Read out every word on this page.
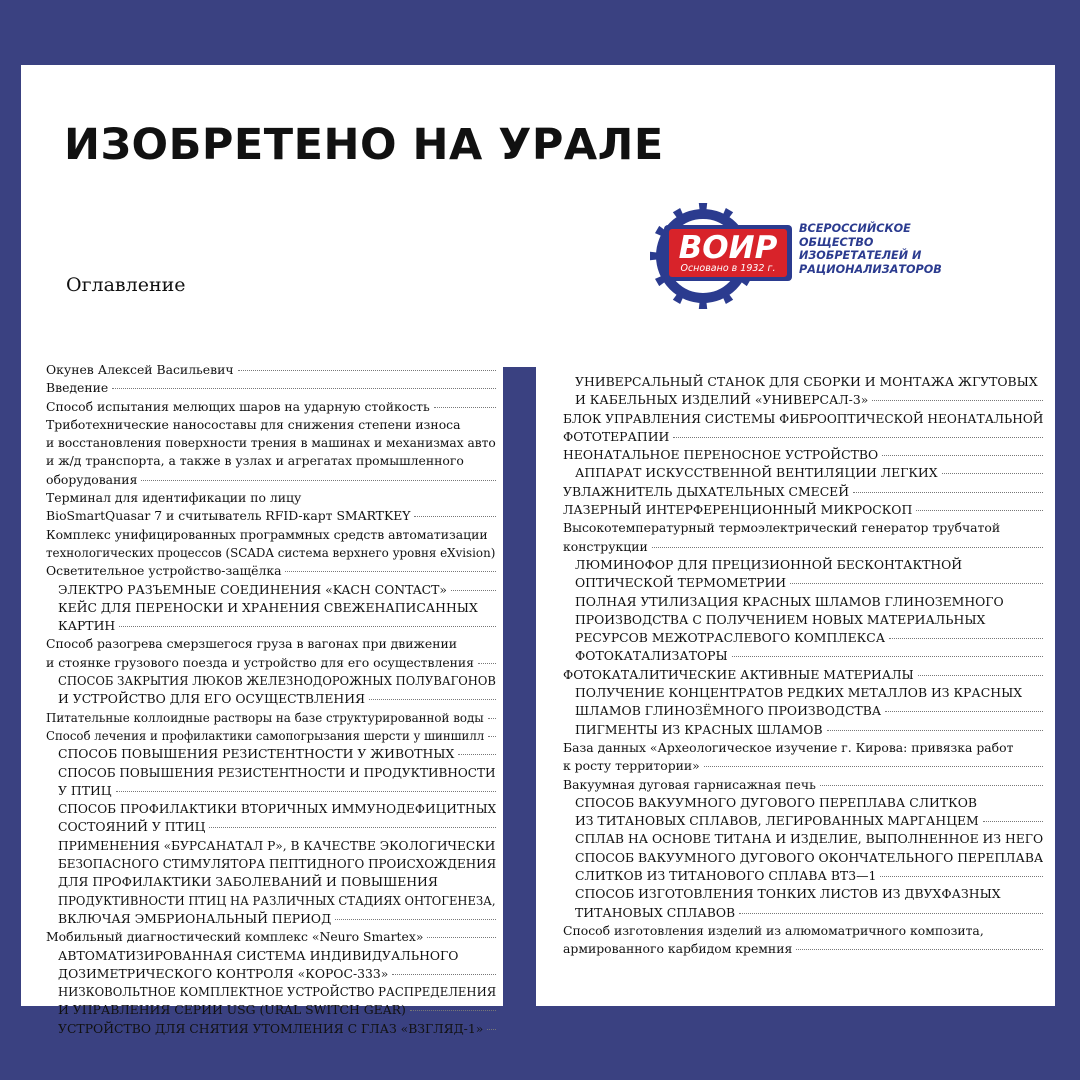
ИЗОБРЕТЕНО НА УРАЛЕ
Оглавление
ВОИР
Основано в 1932 г.
ВСЕРОССИЙСКОЕ
ОБЩЕСТВО
ИЗОБРЕТАТЕЛЕЙ И
РАЦИОНАЛИЗАТОРОВ
Окунев Алексей Васильевич
Введение
Способ испытания мелющих шаров на ударную стойкость
Триботехнические наносоставы для снижения степени износа
и восстановления поверхности трения в машинах и механизмах авто
и ж/д транспорта, а также в узлах и агрегатах промышленного
оборудования
Терминал для идентификации по лицу
BioSmartQuasar 7 и считыватель RFID-карт SMARTKEY
Комплекс унифицированных программных средств автоматизации
технологических процессов (SCADA система верхнего уровня eXvision)
Осветительное устройство-защёлка
ЭЛЕКТРО РАЗЪЕМНЫЕ СОЕДИНЕНИЯ «KACH CONTACT»
КЕЙС ДЛЯ ПЕРЕНОСКИ И ХРАНЕНИЯ СВЕЖЕНАПИСАННЫХ
КАРТИН
Способ разогрева смерзшегося груза в вагонах при движении
и стоянке грузового поезда и устройство для его осуществления
СПОСОБ ЗАКРЫТИЯ ЛЮКОВ ЖЕЛЕЗНОДОРОЖНЫХ ПОЛУВАГОНОВ
И УСТРОЙСТВО ДЛЯ ЕГО ОСУЩЕСТВЛЕНИЯ
Питательные коллоидные растворы на базе структурированной воды
Способ лечения и профилактики самопогрызания шерсти у шиншилл
СПОСОБ ПОВЫШЕНИЯ РЕЗИСТЕНТНОСТИ У ЖИВОТНЫХ
СПОСОБ ПОВЫШЕНИЯ РЕЗИСТЕНТНОСТИ И ПРОДУКТИВНОСТИ
У ПТИЦ
СПОСОБ ПРОФИЛАКТИКИ ВТОРИЧНЫХ ИММУНОДЕФИЦИТНЫХ
СОСТОЯНИЙ У ПТИЦ
ПРИМЕНЕНИЯ «БУРСАНАТАЛ Р», В КАЧЕСТВЕ ЭКОЛОГИЧЕСКИ
БЕЗОПАСНОГО СТИМУЛЯТОРА ПЕПТИДНОГО ПРОИСХОЖДЕНИЯ
ДЛЯ ПРОФИЛАКТИКИ ЗАБОЛЕВАНИЙ И ПОВЫШЕНИЯ
ПРОДУКТИВНОСТИ ПТИЦ НА РАЗЛИЧНЫХ СТАДИЯХ ОНТОГЕНЕЗА,
ВКЛЮЧАЯ ЭМБРИОНАЛЬНЫЙ ПЕРИОД
Мобильный диагностический комплекс «Neuro Smartex»
АВТОМАТИЗИРОВАННАЯ СИСТЕМА ИНДИВИДУАЛЬНОГО
ДОЗИМЕТРИЧЕСКОГО КОНТРОЛЯ «КОРОС-333»
НИЗКОВОЛЬТНОЕ КОМПЛЕКТНОЕ УСТРОЙСТВО РАСПРЕДЕЛЕНИЯ
И УПРАВЛЕНИЯ СЕРИИ USG (URAL SWITCH GEAR)
УСТРОЙСТВО ДЛЯ СНЯТИЯ УТОМЛЕНИЯ С ГЛАЗ «ВЗГЛЯД-1»
УНИВЕРСАЛЬНЫЙ СТАНОК ДЛЯ СБОРКИ И МОНТАЖА ЖГУТОВЫХ
И КАБЕЛЬНЫХ ИЗДЕЛИЙ «УНИВЕРСАЛ-3»
БЛОК УПРАВЛЕНИЯ СИСТЕМЫ ФИБРООПТИЧЕСКОЙ НЕОНАТАЛЬНОЙ
ФОТОТЕРАПИИ
НЕОНАТАЛЬНОЕ ПЕРЕНОСНОЕ УСТРОЙСТВО
АППАРАТ ИСКУССТВЕННОЙ ВЕНТИЛЯЦИИ ЛЕГКИХ
УВЛАЖНИТЕЛЬ ДЫХАТЕЛЬНЫХ СМЕСЕЙ
ЛАЗЕРНЫЙ ИНТЕРФЕРЕНЦИОННЫЙ МИКРОСКОП
Высокотемпературный термоэлектрический генератор трубчатой
конструкции
ЛЮМИНОФОР ДЛЯ ПРЕЦИЗИОННОЙ БЕСКОНТАКТНОЙ
ОПТИЧЕСКОЙ ТЕРМОМЕТРИИ
ПОЛНАЯ УТИЛИЗАЦИЯ КРАСНЫХ ШЛАМОВ ГЛИНОЗЕМНОГО
ПРОИЗВОДСТВА С ПОЛУЧЕНИЕМ НОВЫХ МАТЕРИАЛЬНЫХ
РЕСУРСОВ МЕЖОТРАСЛЕВОГО КОМПЛЕКСА
ФОТОКАТАЛИЗАТОРЫ
ФОТОКАТАЛИТИЧЕСКИЕ АКТИВНЫЕ МАТЕРИАЛЫ
ПОЛУЧЕНИЕ КОНЦЕНТРАТОВ РЕДКИХ МЕТАЛЛОВ ИЗ КРАСНЫХ
ШЛАМОВ ГЛИНОЗЁМНОГО ПРОИЗВОДСТВА
ПИГМЕНТЫ ИЗ КРАСНЫХ ШЛАМОВ
База данных «Археологическое изучение г. Кирова: привязка работ
к росту территории»
Вакуумная дуговая гарнисажная печь
СПОСОБ ВАКУУМНОГО ДУГОВОГО ПЕРЕПЛАВА СЛИТКОВ
ИЗ ТИТАНОВЫХ СПЛАВОВ, ЛЕГИРОВАННЫХ МАРГАНЦЕМ
СПЛАВ НА ОСНОВЕ ТИТАНА И ИЗДЕЛИЕ, ВЫПОЛНЕННОЕ ИЗ НЕГО
СПОСОБ ВАКУУМНОГО ДУГОВОГО ОКОНЧАТЕЛЬНОГО ПЕРЕПЛАВА
СЛИТКОВ ИЗ ТИТАНОВОГО СПЛАВА ВТ3—1
СПОСОБ ИЗГОТОВЛЕНИЯ ТОНКИХ ЛИСТОВ ИЗ ДВУХФАЗНЫХ
ТИТАНОВЫХ СПЛАВОВ
Способ изготовления изделий из алюмоматричного композита,
армированного карбидом кремния
